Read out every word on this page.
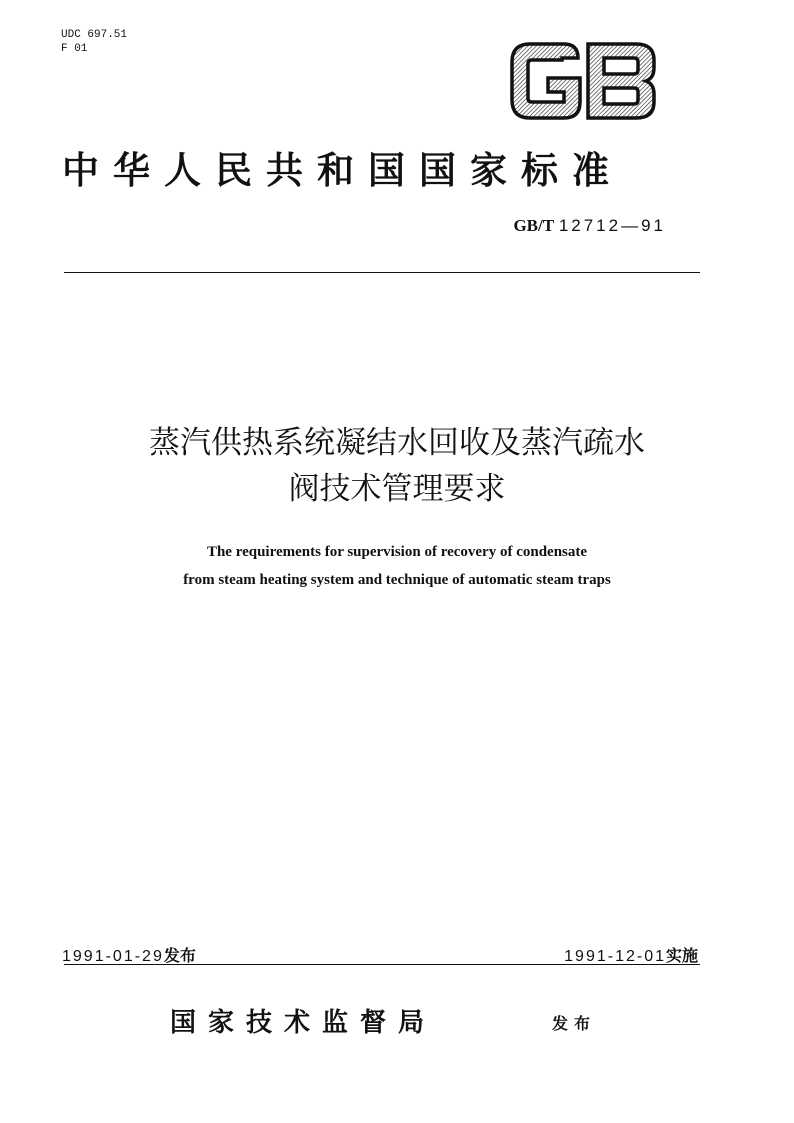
UDC 697.51
F 01
中华人民共和国国家标准
GB/T 12712—91
蒸汽供热系统凝结水回收及蒸汽疏水
阀技术管理要求
The requirements for supervision of recovery of condensate
from steam heating system and technique of automatic steam traps
1991-01-29发布	1991-12-01实施
国家技术监督局	发布
